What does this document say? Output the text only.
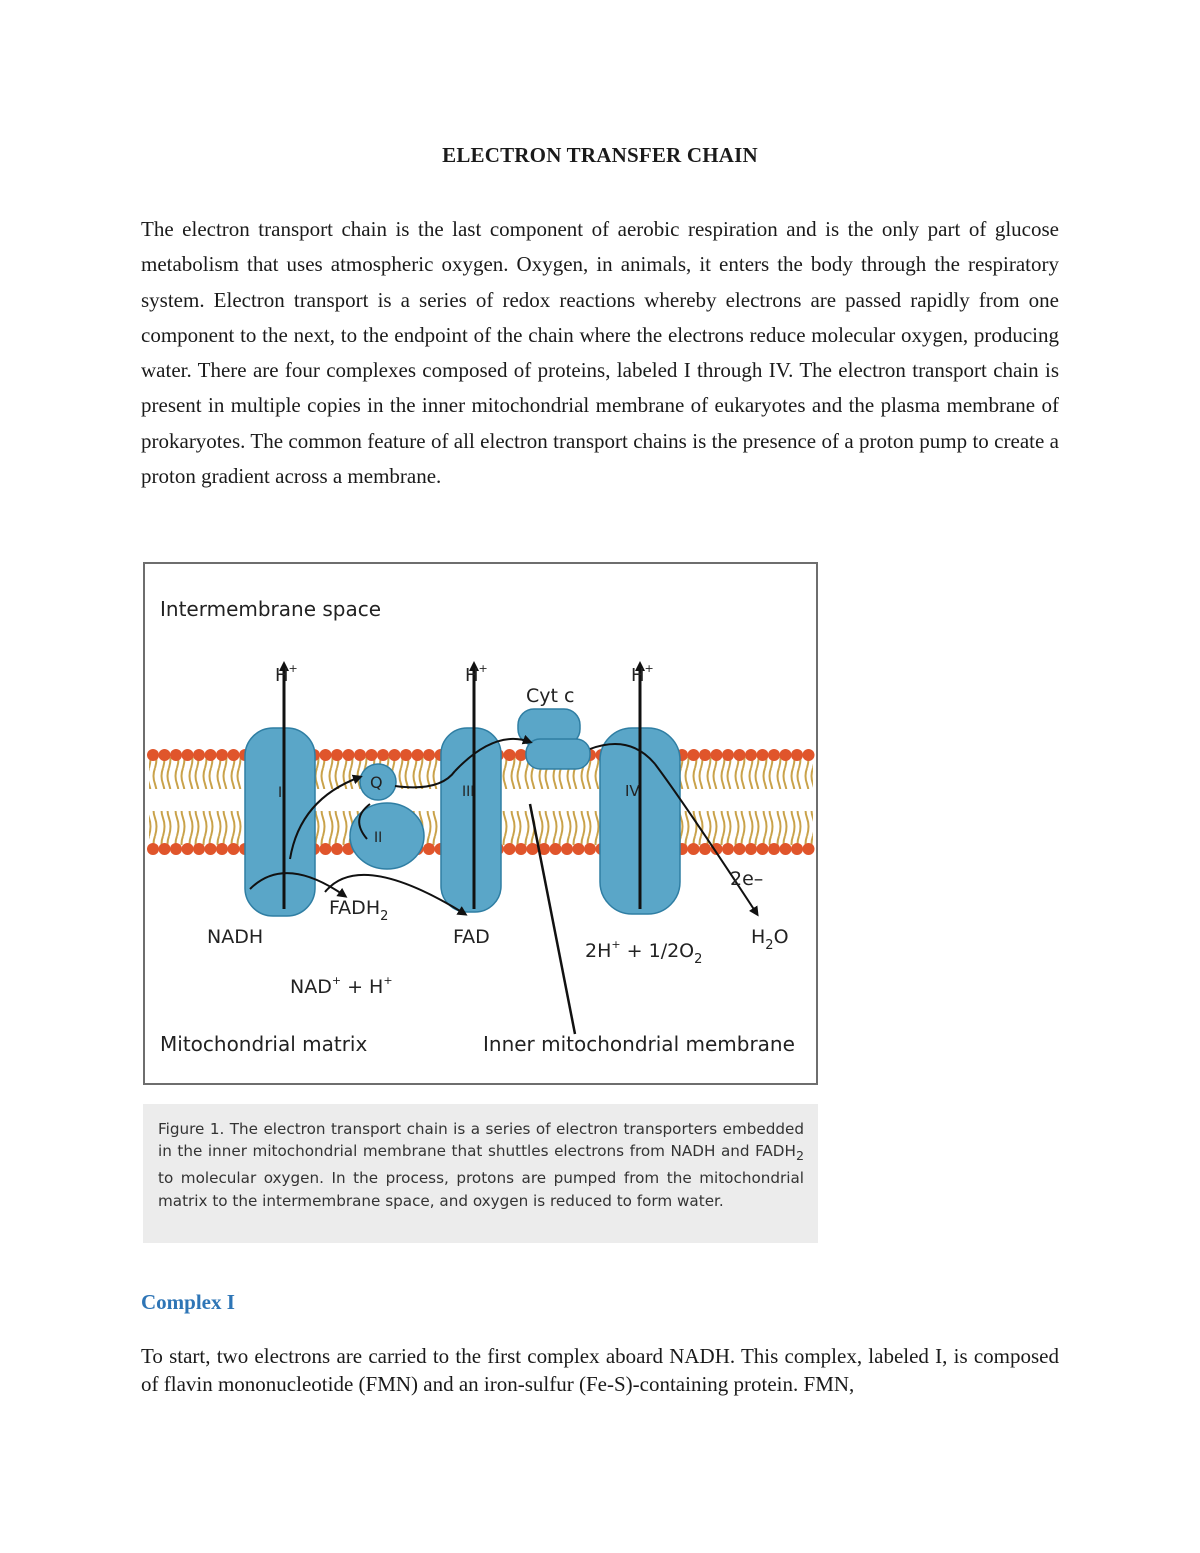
ELECTRON TRANSFER CHAIN
The electron transport chain is the last component of aerobic respiration and is the only part of glucose metabolism that uses atmospheric oxygen. Oxygen, in animals, it enters the body through the respiratory system. Electron transport is a series of redox reactions whereby electrons are passed rapidly from one component to the next, to the endpoint of the chain where the electrons reduce molecular oxygen, producing water. There are four complexes composed of proteins, labeled I through IV. The electron transport chain is present in multiple copies in the inner mitochondrial membrane of eukaryotes and the plasma membrane of prokaryotes. The common feature of all electron transport chains is the presence of a proton pump to create a proton gradient across a membrane.
Intermembrane space
H+	H+	H+
Cyt c
Q
I
II
III	IV
NADH
$FADH_2$
FAD
NAD+ + H+
2e–
$2H^+ + 1/2O_2$
$H_2O$
Mitochondrial matrix	Inner mitochondrial membrane
Figure 1. The electron transport chain is a series of electron transporters embedded in the inner mitochondrial membrane that shuttles electrons from NADH and $FADH_2$ to molecular oxygen. In the process, protons are pumped from the mitochondrial matrix to the intermembrane space, and oxygen is reduced to form water.
Complex I
To start, two electrons are carried to the first complex aboard NADH. This complex, labeled I, is composed of flavin mononucleotide (FMN) and an iron-sulfur (Fe-S)-containing protein. FMN,
